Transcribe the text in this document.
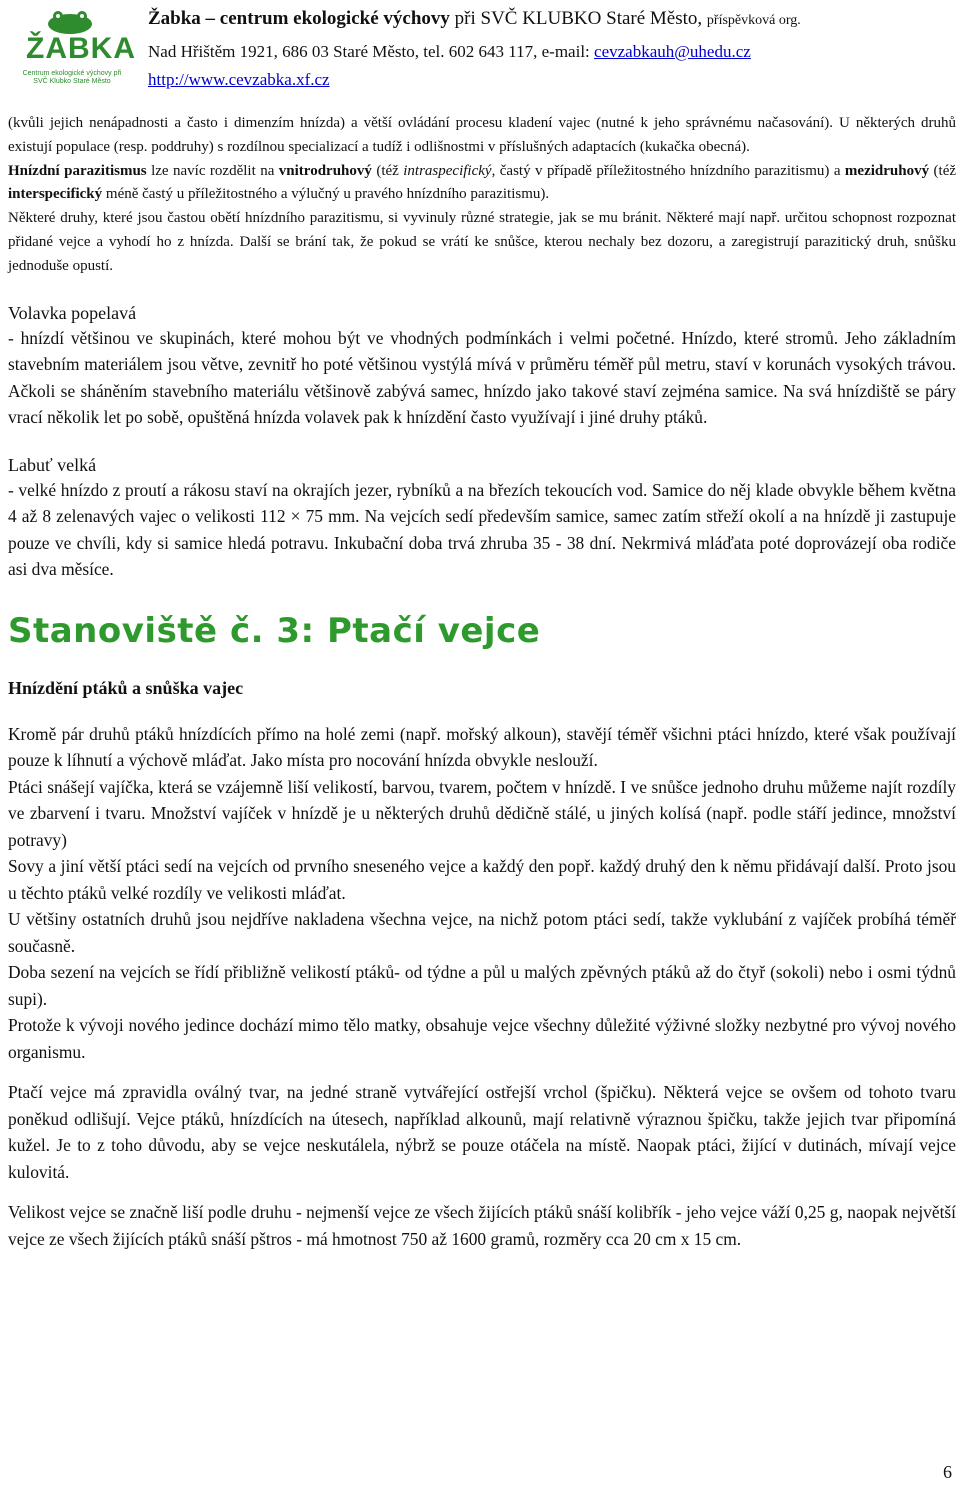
ŽABKA
Centrum ekologické výchovy při SVČ Klubko Staré Město
Žabka – centrum ekologické výchovy při SVČ KLUBKO Staré Město, příspěvková org.
Nad Hřištěm 1921, 686 03 Staré Město, tel. 602 643 117, e-mail: cevzabkauh@uhedu.cz
http://www.cevzabka.xf.cz

(kvůli jejich nenápadnosti a často i dimenzím hnízda) a větší ovládání procesu kladení vajec (nutné k jeho správnému načasování). U některých druhů existují populace (resp. poddruhy) s rozdílnou specializací a tudíž i odlišnostmi v příslušných adaptacích (kukačka obecná).

Hnízdní parazitismus lze navíc rozdělit na vnitrodruhový (též intraspecifický, častý v případě příležitostného hnízdního parazitismu) a mezidruhový (též interspecifický méně častý u příležitostného a výlučný u pravého hnízdního parazitismu).

Některé druhy, které jsou častou obětí hnízdního parazitismu, si vyvinuly různé strategie, jak se mu bránit. Některé mají např. určitou schopnost rozpoznat přidané vejce a vyhodí ho z hnízda. Další se brání tak, že pokud se vrátí ke snůšce, kterou nechaly bez dozoru, a zaregistrují parazitický druh, snůšku jednoduše opustí.

Volavka popelavá

- hnízdí většinou ve skupinách, které mohou být ve vhodných podmínkách i velmi početné. Hnízdo, které stromů. Jeho základním stavebním materiálem jsou větve, zevnitř ho poté většinou vystýlá mívá v průměru téměř půl metru, staví v korunách vysokých trávou. Ačkoli se sháněním stavebního materiálu většinově zabývá samec, hnízdo jako takové staví zejména samice. Na svá hnízdiště se páry vrací několik let po sobě, opuštěná hnízda volavek pak k hnízdění často využívají i jiné druhy ptáků.

Labuť velká

- velké hnízdo z proutí a rákosu staví na okrajích jezer, rybníků a na březích tekoucích vod. Samice do něj klade obvykle během května 4 až 8 zelenavých vajec o velikosti 112 × 75 mm. Na vejcích sedí především samice, samec zatím střeží okolí a na hnízdě ji zastupuje pouze ve chvíli, kdy si samice hledá potravu. Inkubační doba trvá zhruba 35 - 38 dní. Nekrmivá mláďata poté doprovázejí oba rodiče asi dva měsíce.

Stanoviště č. 3: Ptačí vejce
Hnízdění ptáků a snůška vajec

Kromě pár druhů ptáků hnízdících přímo na holé zemi (např. mořský alkoun), stavějí téměř všichni ptáci hnízdo, které však používají pouze k líhnutí a výchově mláďat. Jako místa pro nocování hnízda obvykle neslouží.

Ptáci snášejí vajíčka, která se vzájemně liší velikostí, barvou, tvarem, počtem v hnízdě. I ve snůšce jednoho druhu můžeme najít rozdíly ve zbarvení i tvaru. Množství vajíček v hnízdě je u některých druhů dědičně stálé, u jiných kolísá (např. podle stáří jedince, množství potravy)

Sovy a jiní větší ptáci sedí na vejcích od prvního sneseného vejce a každý den popř. každý druhý den k němu přidávají další. Proto jsou u těchto ptáků velké rozdíly ve velikosti mláďat.

U většiny ostatních druhů jsou nejdříve nakladena všechna vejce, na nichž potom ptáci sedí, takže vyklubání z vajíček probíhá téměř současně.

Doba sezení na vejcích se řídí přibližně velikostí ptáků- od týdne a půl u malých zpěvných ptáků až do čtyř (sokoli) nebo i osmi týdnů supi).

Protože k vývoji nového jedince dochází mimo tělo matky, obsahuje vejce všechny důležité výživné složky nezbytné pro vývoj nového organismu.

Ptačí vejce má zpravidla oválný tvar, na jedné straně vytvářející ostřejší vrchol (špičku). Některá vejce se ovšem od tohoto tvaru poněkud odlišují. Vejce ptáků, hnízdících na útesech, například alkounů, mají relativně výraznou špičku, takže jejich tvar připomíná kužel. Je to z toho důvodu, aby se vejce neskutálela, nýbrž se pouze otáčela na místě. Naopak ptáci, žijící v dutinách, mívají vejce kulovitá.

Velikost vejce se značně liší podle druhu - nejmenší vejce ze všech žijících ptáků snáší kolibřík - jeho vejce váží 0,25 g, naopak největší vejce ze všech žijících ptáků snáší pštros - má hmotnost 750 až 1600 gramů, rozměry cca 20 cm x 15 cm.

6
